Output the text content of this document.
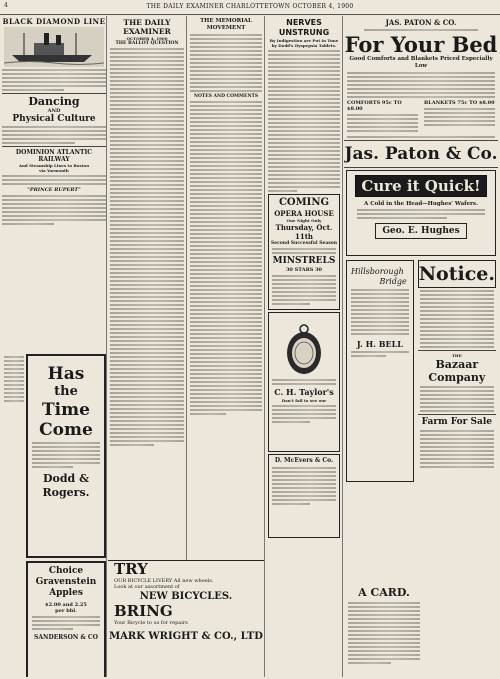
THE DAILY EXAMINER CHARLOTTETOWN OCTOBER 4, 1900
4
BLACK DIAMOND LINE
Dancing
AND
Physical Culture
DOMINION ATLANTIC
RAILWAY
And Steamship Lines to Boston
via Yarmouth
"PRINCE RUPERT"
Has
the
Time
Come
Dodd & Rogers.
Choice
Gravenstein
Apples
$2.00 and 2.25
per bbl.
SANDERSON & CO
THE DAILY EXAMINER
OCTOBER 4, 1900
THE BALLOT QUESTION
THE MEMORIAL MOVEMENT
NOTES AND COMMENTS
TRY
OUR BICYCLE LIVERY All new wheels.
Look at our assortment of
NEW BICYCLES.
BRING
Your Bicycle to us for repairs
MARK WRIGHT & CO., LTD
NERVES UNSTRUNG
By Indigestion are Put in Tune by Dodd's Dyspepsia Tablets.
COMING
OPERA HOUSE
One Night Only
Thursday, Oct. 11th
Second Successful Season
MINSTRELS
30 STARS 30
C. H. Taylor's
Don't fail to see our
D. McEvers & Co.
JAS. PATON & CO.
For Your Bed
Good Comforts and Blankets Priced Especially Low
COMFORTS 95c TO $8.00
BLANKETS 75c TO $8.00
Jas. Paton & Co.
Cure it Quick!
A Cold in the Head—Hughes' Wafers.
Geo. E. Hughes
Hillsborough
Bridge
J. H. BELL
Notice.
THE
Bazaar Company
Farm For Sale
A CARD.
